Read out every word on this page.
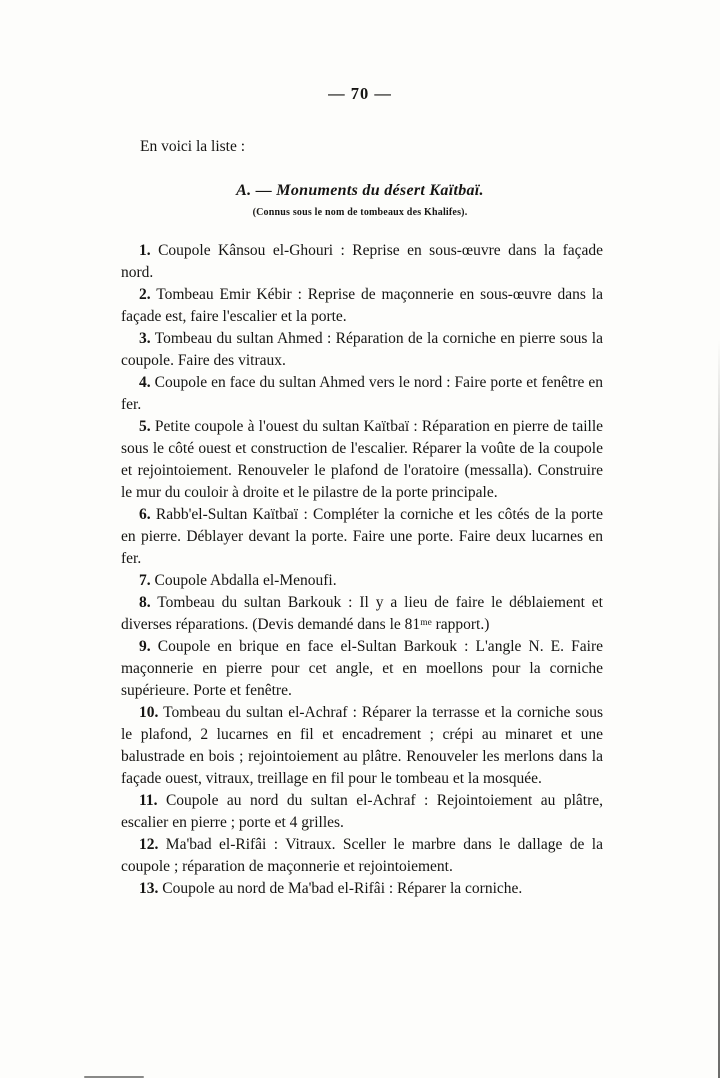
— 70 —
En voici la liste :
A. — Monuments du désert Kaïtbaï.
(Connus sous le nom de tombeaux des Khalifes).

1. Coupole Kânsou el-Ghouri : Reprise en sous-œuvre dans la façade nord.

2. Tombeau Emir Kébir : Reprise de maçonnerie en sous-œuvre dans la façade est, faire l'escalier et la porte.

3. Tombeau du sultan Ahmed : Réparation de la corniche en pierre sous la coupole. Faire des vitraux.

4. Coupole en face du sultan Ahmed vers le nord : Faire porte et fenêtre en fer.

5. Petite coupole à l'ouest du sultan Kaïtbaï : Réparation en pierre de taille sous le côté ouest et construction de l'escalier. Réparer la voûte de la coupole et rejointoiement. Renouveler le plafond de l'oratoire (messalla). Construire le mur du couloir à droite et le pilastre de la porte principale.

6. Rabb'el-Sultan Kaïtbaï : Compléter la corniche et les côtés de la porte en pierre. Déblayer devant la porte. Faire une porte. Faire deux lucarnes en fer.

7. Coupole Abdalla el-Menoufi.

8. Tombeau du sultan Barkouk : Il y a lieu de faire le déblaiement et diverses réparations. (Devis demandé dans le 81ᵐᵉ rapport.)

9. Coupole en brique en face el-Sultan Barkouk : L'angle N. E. Faire maçonnerie en pierre pour cet angle, et en moellons pour la corniche supérieure. Porte et fenêtre.

10. Tombeau du sultan el-Achraf : Réparer la terrasse et la corniche sous le plafond, 2 lucarnes en fil et encadrement ; crépi au minaret et une balustrade en bois ; rejointoiement au plâtre. Renouveler les merlons dans la façade ouest, vitraux, treillage en fil pour le tombeau et la mosquée.

11. Coupole au nord du sultan el-Achraf : Rejointoiement au plâtre, escalier en pierre ; porte et 4 grilles.

12. Ma'bad el-Rifâi : Vitraux. Sceller le marbre dans le dallage de la coupole ; réparation de maçonnerie et rejointoiement.

13. Coupole au nord de Ma'bad el-Rifâi : Réparer la corniche.
